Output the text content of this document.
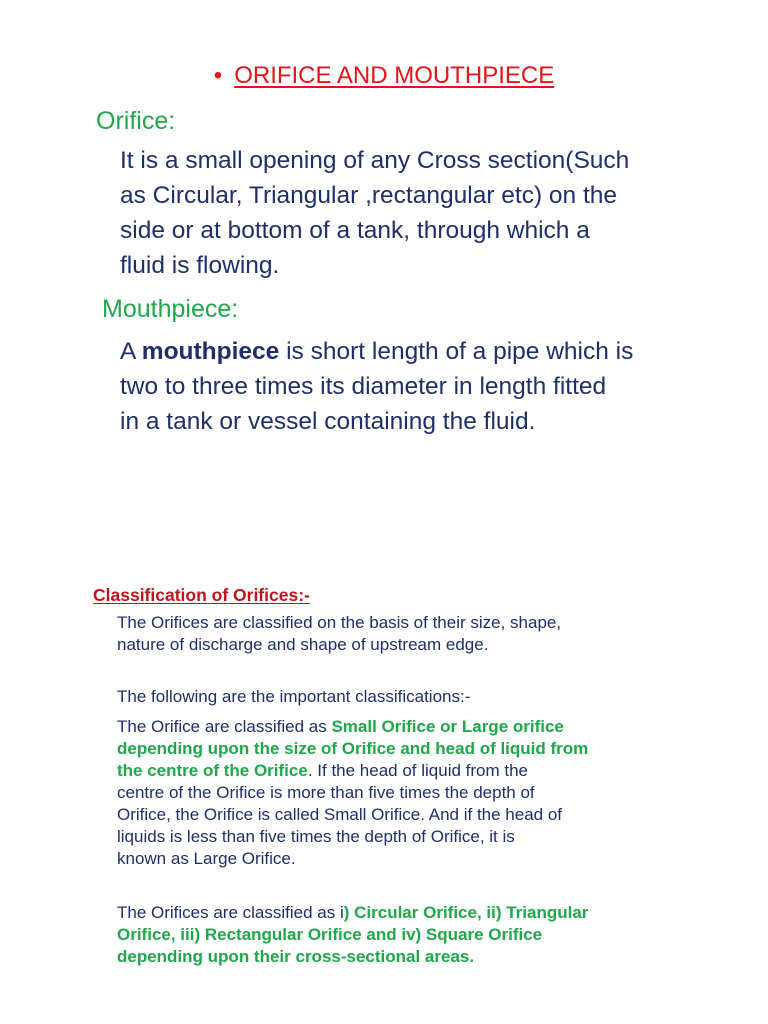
• ORIFICE AND MOUTHPIECE
Orifice:
It is a small opening of any Cross section(Such
as Circular, Triangular ,rectangular etc) on the
side or at bottom of a tank, through which a
fluid is flowing.
Mouthpiece:
A mouthpiece is short length of a pipe which is
two to three times its diameter in length fitted
in a tank or vessel containing the fluid.
Classification of Orifices:-
The Orifices are classified on the basis of their size, shape,
nature of discharge and shape of upstream edge.
The following are the important classifications:-
The Orifice are classified as Small Orifice or Large orifice
depending upon the size of Orifice and head of liquid from
the centre of the Orifice. If the head of liquid from the
centre of the Orifice is more than five times the depth of
Orifice, the Orifice is called Small Orifice. And if the head of
liquids is less than five times the depth of Orifice, it is
known as Large Orifice.
The Orifices are classified as i) Circular Orifice, ii) Triangular
Orifice, iii) Rectangular Orifice and iv) Square Orifice
depending upon their cross-sectional areas.
